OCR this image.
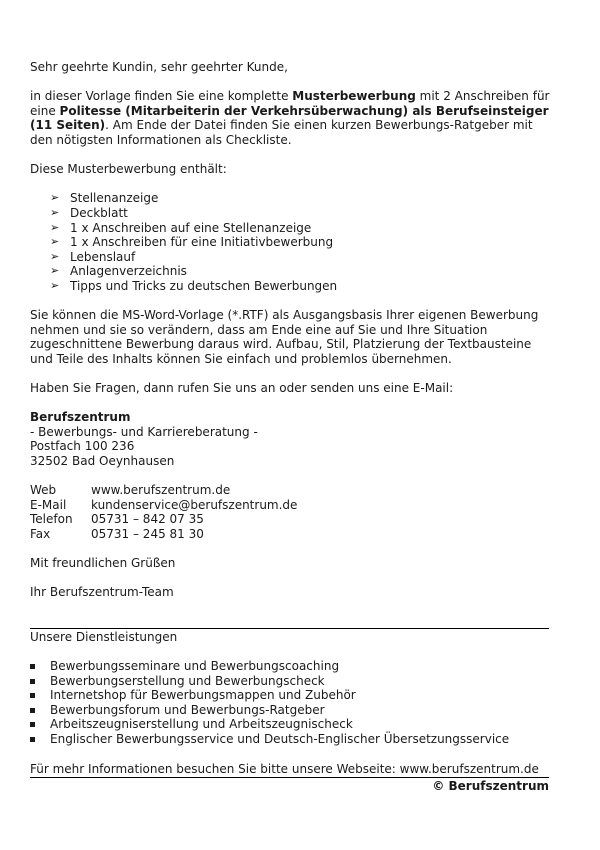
Sehr geehrte Kundin, sehr geehrter Kunde,

in dieser Vorlage finden Sie eine komplette Musterbewerbung mit 2 Anschreiben für eine Politesse (Mitarbeiterin der Verkehrsüberwachung) als Berufseinsteiger (11 Seiten). Am Ende der Datei finden Sie einen kurzen Bewerbungs-Ratgeber mit den nötigsten Informationen als Checkliste.

Diese Musterbewerbung enthält:

➢ Stellenanzeige
➢ Deckblatt
➢ 1 x Anschreiben auf eine Stellenanzeige
➢ 1 x Anschreiben für eine Initiativbewerbung
➢ Lebenslauf
➢ Anlagenverzeichnis
➢ Tipps und Tricks zu deutschen Bewerbungen

Sie können die MS-Word-Vorlage (*.RTF) als Ausgangsbasis Ihrer eigenen Bewerbung nehmen und sie so verändern, dass am Ende eine auf Sie und Ihre Situation zugeschnittene Bewerbung daraus wird. Aufbau, Stil, Platzierung der Textbausteine und Teile des Inhalts können Sie einfach und problemlos übernehmen.

Haben Sie Fragen, dann rufen Sie uns an oder senden uns eine E-Mail:

Berufszentrum

- Bewerbungs- und Karriereberatung -

Postfach 100 236

32502 Bad Oeynhausen

Web	www.berufszentrum.de
E-Mail	kundenservice@berufszentrum.de
Telefon	05731 – 842 07 35
Fax	05731 – 245 81 30

Mit freundlichen Grüßen

Ihr Berufszentrum-Team

Unsere Dienstleistungen
Bewerbungsseminare und Bewerbungscoaching
Bewerbungserstellung und Bewerbungscheck
Internetshop für Bewerbungsmappen und Zubehör
Bewerbungsforum und Bewerbungs-Ratgeber
Arbeitszeugniserstellung und Arbeitszeugnischeck
Englischer Bewerbungsservice und Deutsch-Englischer Übersetzungsservice
Für mehr Informationen besuchen Sie bitte unsere Webseite: www.berufszentrum.de
© Berufszentrum
